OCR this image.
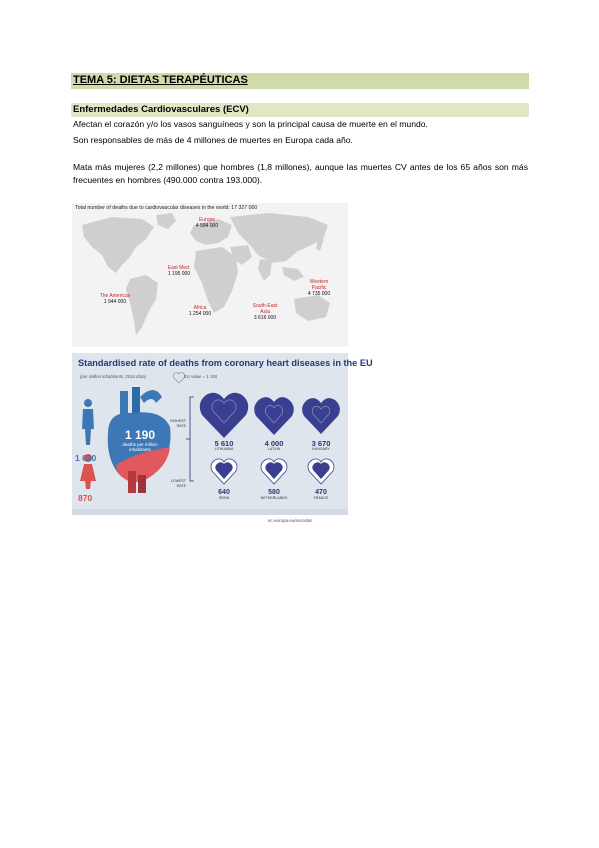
TEMA 5: DIETAS TERAPÉUTICAS
Enfermedades Cardiovasculares (ECV)
Afectan el corazón y/o los vasos sanguíneos y son la principal causa de muerte en el mundo.
Son responsables de más de 4 millones de muertes en Europa cada año.
Mata más mujeres (2,2 millones) que hombres (1,8 millones), aunque las muertes CV antes de los 65 años son más frecuentes en hombres (490.000 contra 193.000).
Total number of deaths due to cardiovascular diseases in the world: 17 327 000
Europe
4 584 000
East Med.
1 195 000
The Americas
1 944 000
Africa
1 254 000
South-East Asia
3 616 000
Western Pacific
4 735 000
Standardised rate of deaths from coronary heart diseases in the EU
(per million inhabitants, 2016 data)	EU value = 1 190
1 190
deaths per million inhabitants
1 620
870
HIGHEST RATE
LOWEST RATE
5 610
LITHUANIA
4 000
LATVIA
3 670
HUNGARY
640
SPAIN
580
NETHERLANDS
470
FRANCE
ec.europa.eu/eurostat
